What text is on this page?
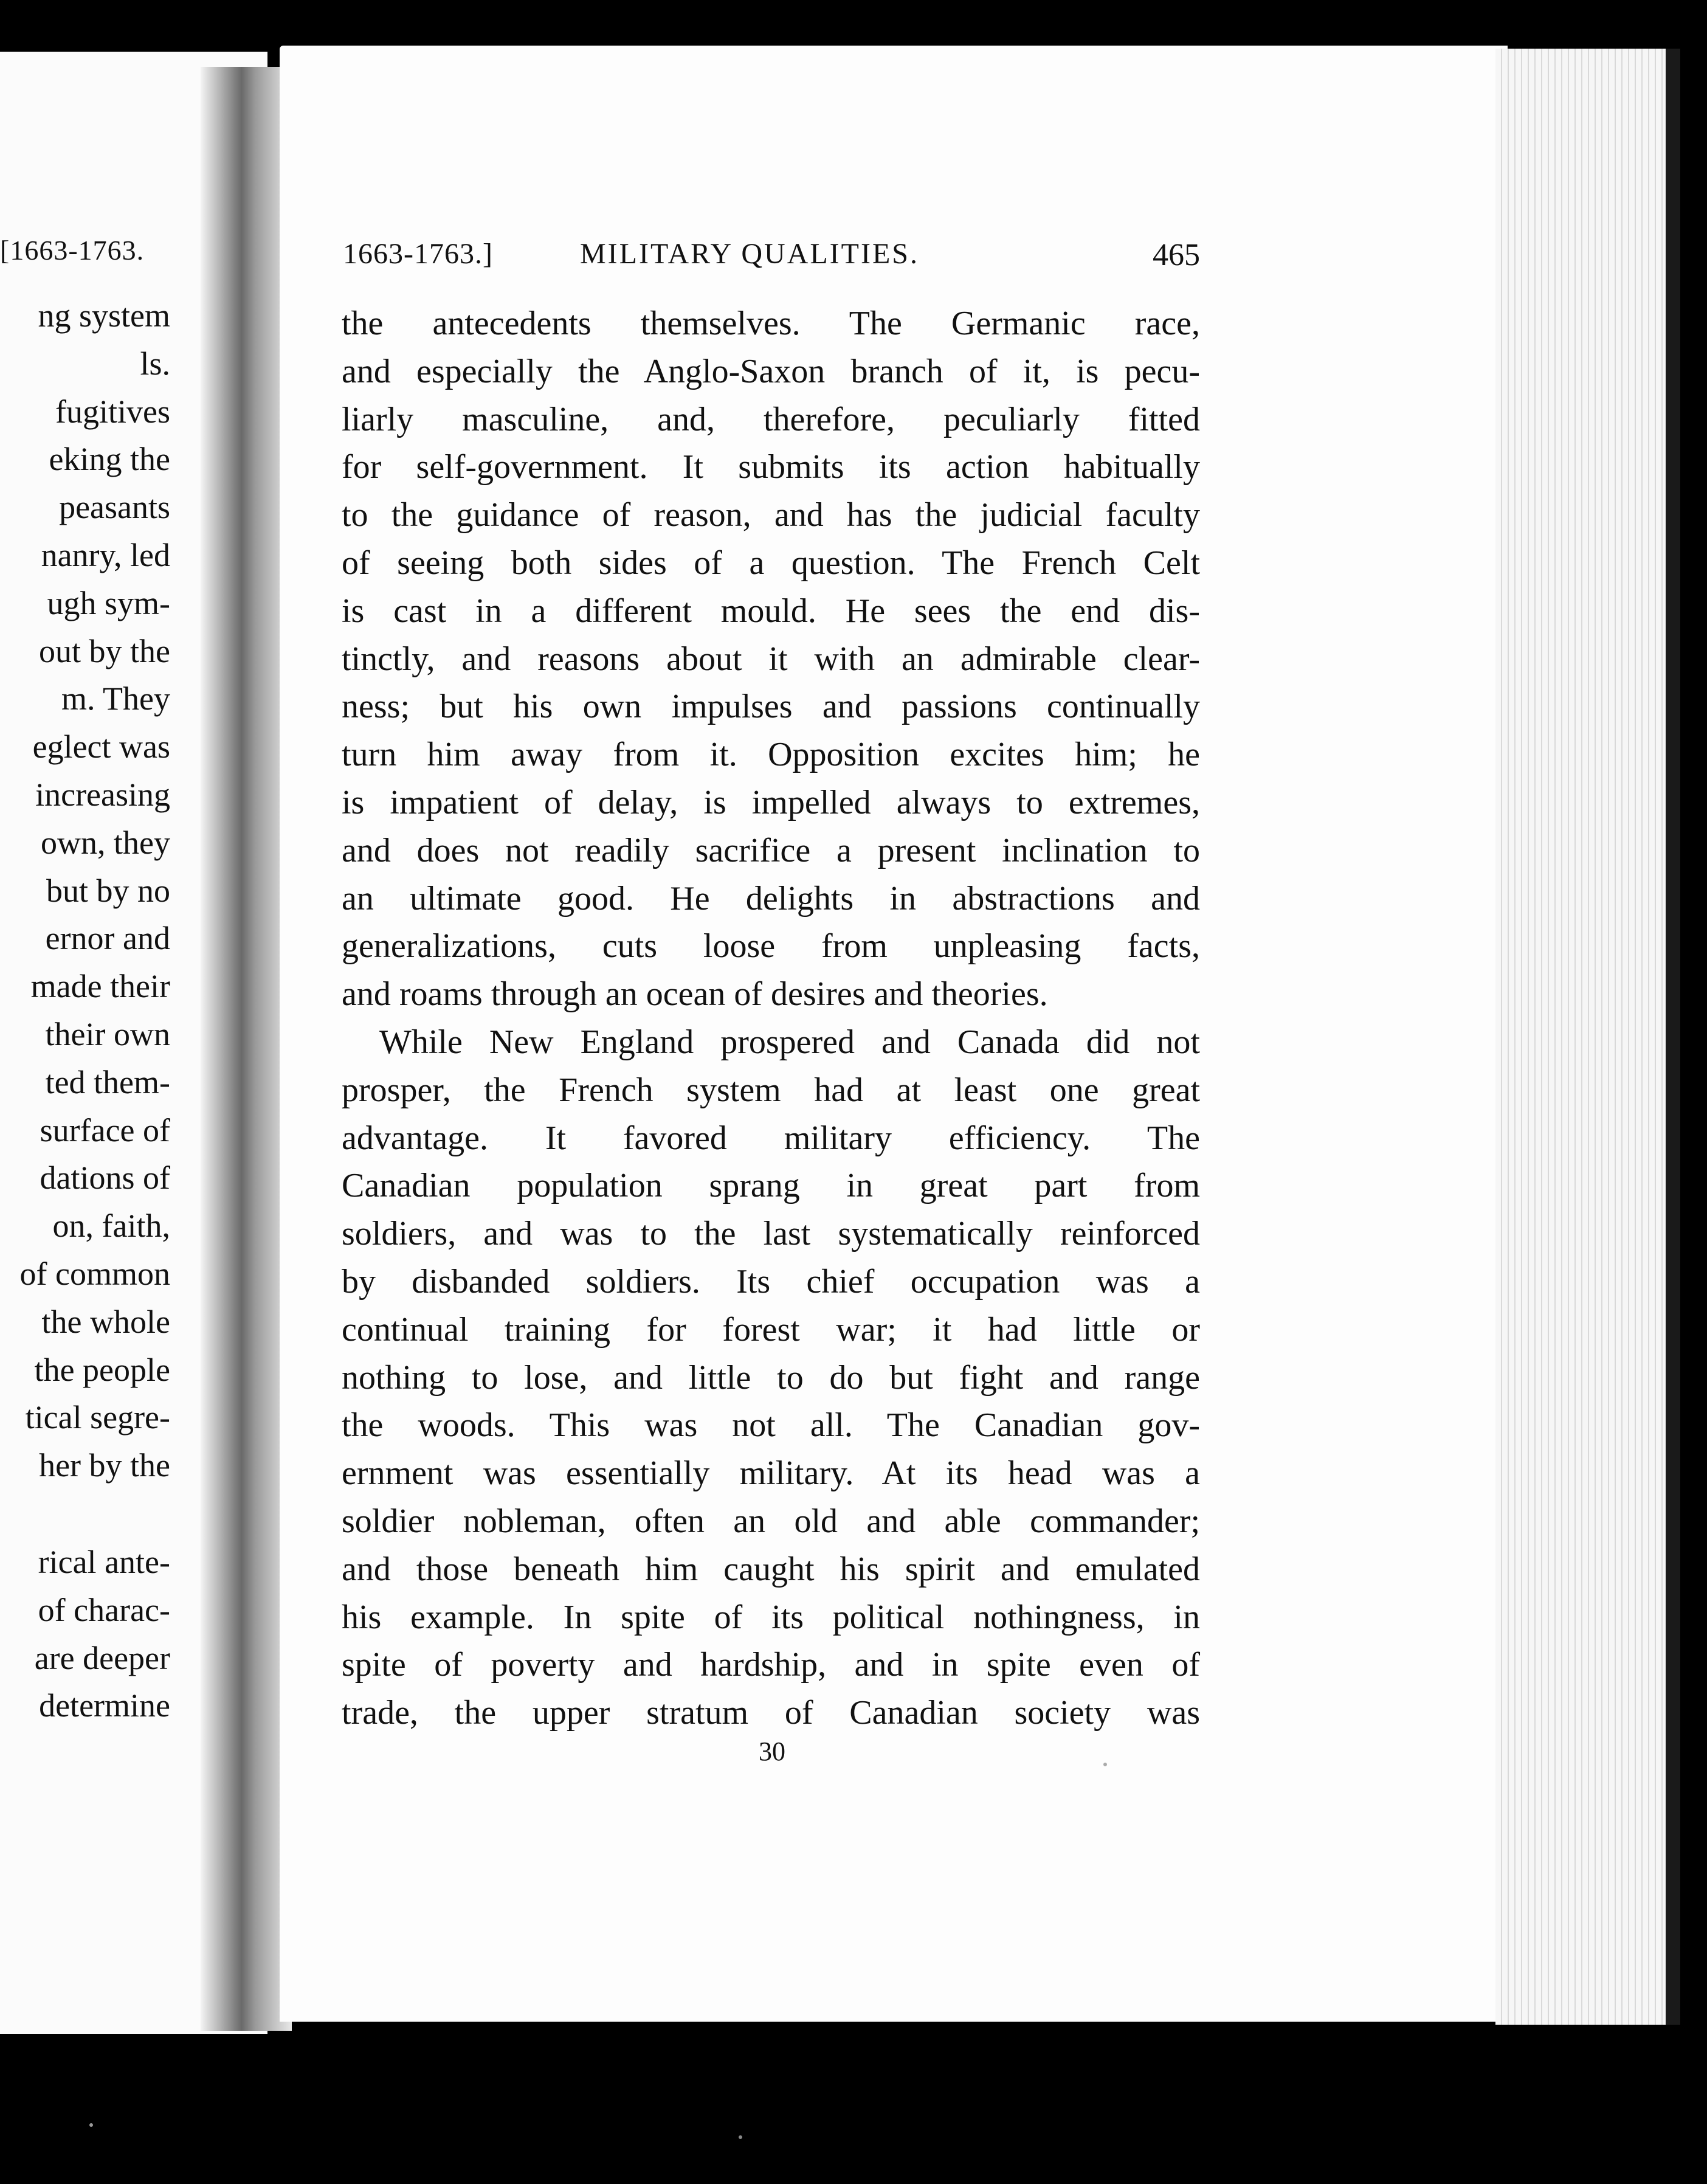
[1663-1763.
ng system
ls.
fugitives
eking the
peasants
nanry, led
ugh sym-
out by the
m. They
eglect was
increasing
own, they
but by no
ernor and
made their
their own
ted them-
surface of
dations of
on, faith,
of common
the whole
the people
tical segre-
her by the
rical ante-
of charac-
are deeper
determine
1663-1763.]	MILITARY QUALITIES.	465
the antecedents themselves. The Germanic race,
and especially the Anglo-Saxon branch of it, is pecu-
liarly masculine, and, therefore, peculiarly fitted
for self-government. It submits its action habitually
to the guidance of reason, and has the judicial faculty
of seeing both sides of a question. The French Celt
is cast in a different mould. He sees the end dis-
tinctly, and reasons about it with an admirable clear-
ness; but his own impulses and passions continually
turn him away from it. Opposition excites him; he
is impatient of delay, is impelled always to extremes,
and does not readily sacrifice a present inclination to
an ultimate good. He delights in abstractions and
generalizations, cuts loose from unpleasing facts,
and roams through an ocean of desires and theories.
While New England prospered and Canada did not
prosper, the French system had at least one great
advantage. It favored military efficiency. The
Canadian population sprang in great part from
soldiers, and was to the last systematically reinforced
by disbanded soldiers. Its chief occupation was a
continual training for forest war; it had little or
nothing to lose, and little to do but fight and range
the woods. This was not all. The Canadian gov-
ernment was essentially military. At its head was a
soldier nobleman, often an old and able commander;
and those beneath him caught his spirit and emulated
his example. In spite of its political nothingness, in
spite of poverty and hardship, and in spite even of
trade, the upper stratum of Canadian society was
30
